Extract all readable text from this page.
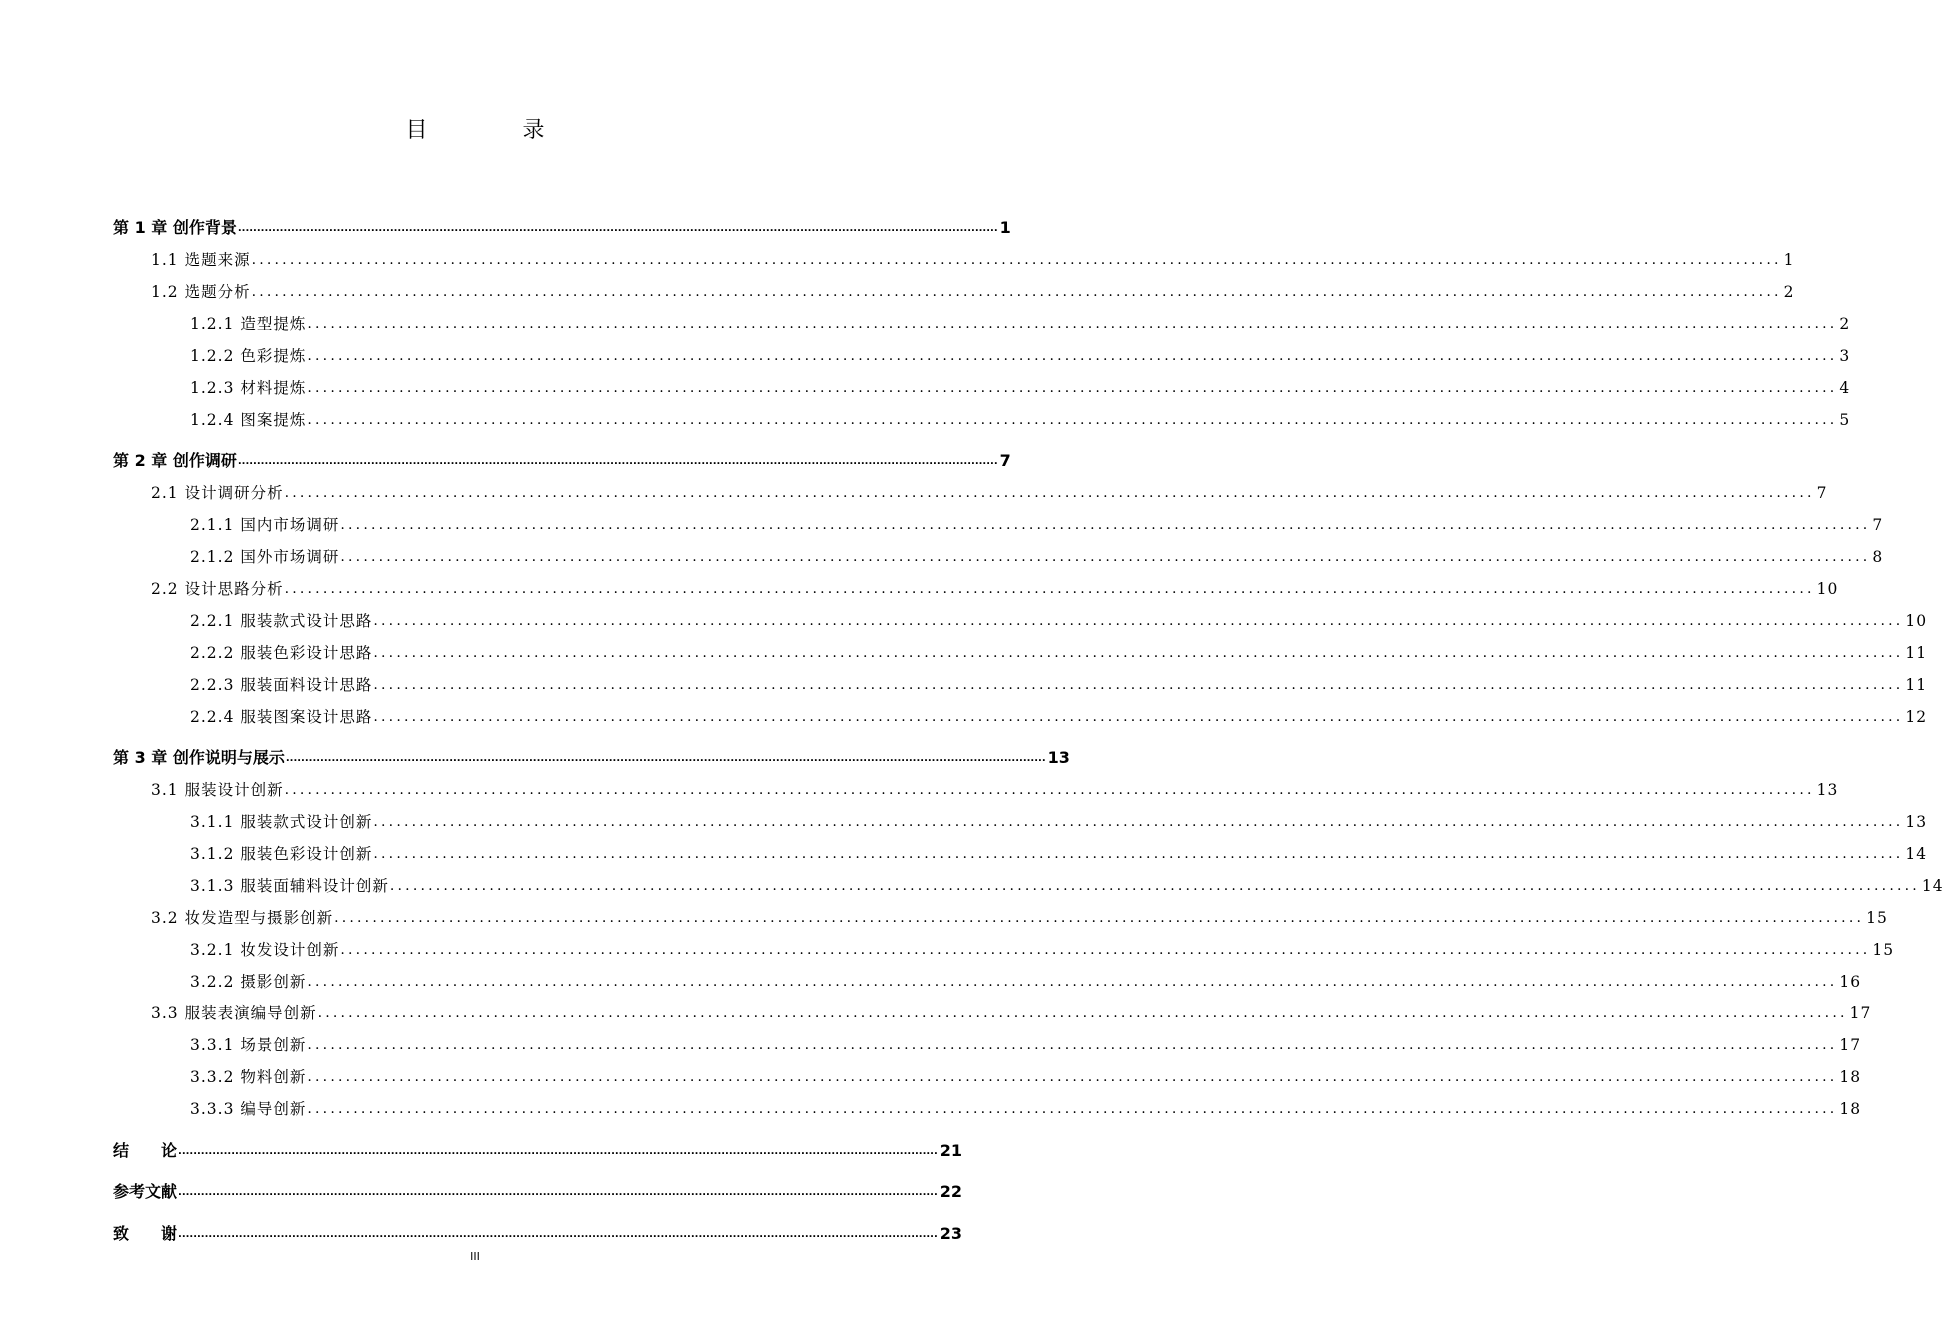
目 录
第 1 章 创作背景 ........................................................................................................................................................................................................ 1
1.1 选题来源 ........................................................................................................................................................................................................ 1
1.2 选题分析 ........................................................................................................................................................................................................ 2
1.2.1 造型提炼 ........................................................................................................................................................................................................ 2
1.2.2 色彩提炼 ........................................................................................................................................................................................................ 3
1.2.3 材料提炼 ........................................................................................................................................................................................................ 4
1.2.4 图案提炼 ........................................................................................................................................................................................................ 5
第 2 章 创作调研 ........................................................................................................................................................................................................ 7
2.1 设计调研分析 ........................................................................................................................................................................................................ 7
2.1.1 国内市场调研 ........................................................................................................................................................................................................ 7
2.1.2 国外市场调研 ........................................................................................................................................................................................................ 8
2.2 设计思路分析 ........................................................................................................................................................................................................ 10
2.2.1 服装款式设计思路 ........................................................................................................................................................................................................ 10
2.2.2 服装色彩设计思路 ........................................................................................................................................................................................................ 11
2.2.3 服装面料设计思路 ........................................................................................................................................................................................................ 11
2.2.4 服装图案设计思路 ........................................................................................................................................................................................................ 12
第 3 章 创作说明与展示 ........................................................................................................................................................................................................ 13
3.1 服装设计创新 ........................................................................................................................................................................................................ 13
3.1.1 服装款式设计创新 ........................................................................................................................................................................................................ 13
3.1.2 服装色彩设计创新 ........................................................................................................................................................................................................ 14
3.1.3 服装面辅料设计创新 ........................................................................................................................................................................................................ 14
3.2 妆发造型与摄影创新 ........................................................................................................................................................................................................ 15
3.2.1 妆发设计创新 ........................................................................................................................................................................................................ 15
3.2.2 摄影创新 ........................................................................................................................................................................................................ 16
3.3 服装表演编导创新 ........................................................................................................................................................................................................ 17
3.3.1 场景创新 ........................................................................................................................................................................................................ 17
3.3.2 物料创新 ........................................................................................................................................................................................................ 18
3.3.3 编导创新 ........................................................................................................................................................................................................ 18
结　　论 ........................................................................................................................................................................................................ 21
参考文献 ........................................................................................................................................................................................................ 22
致　　谢 ........................................................................................................................................................................................................ 23
III
